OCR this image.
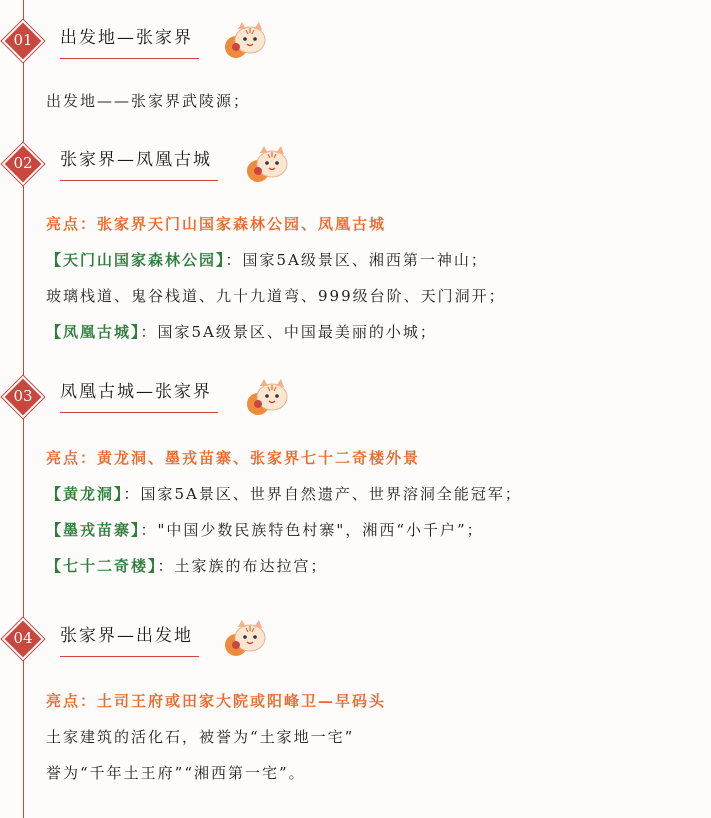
01	出发地—张家界
出发地——张家界武陵源；
02	张家界—凤凰古城
亮点：张家界天门山国家森林公园、凤凰古城
【天门山国家森林公园】：国家5A级景区、湘西第一神山；
玻璃栈道、鬼谷栈道、九十九道弯、999级台阶、天门洞开；
【凤凰古城】：国家5A级景区、中国最美丽的小城；
03	凤凰古城—张家界
亮点：黄龙洞、墨戎苗寨、张家界七十二奇楼外景
【黄龙洞】：国家5A景区、世界自然遗产、世界溶洞全能冠军；
【墨戎苗寨】："中国少数民族特色村寨"，湘西“小千户”；
【七十二奇楼】：土家族的布达拉宫；
04	张家界—出发地
亮点：土司王府或田家大院或阳峰卫—早码头
土家建筑的活化石，被誉为“土家地一宅”
誉为“千年土王府”“湘西第一宅”。
